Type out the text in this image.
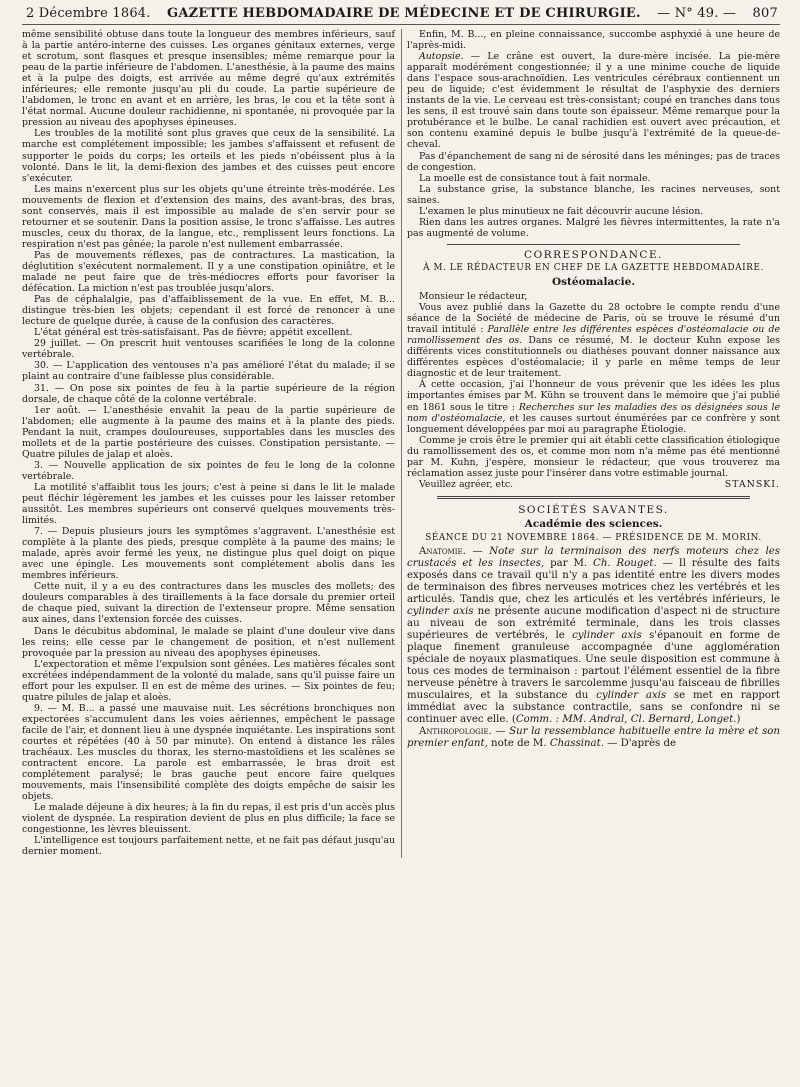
2 Décembre 1864. GAZETTE HEBDOMADAIRE DE MÉDECINE ET DE CHIRURGIE. — N° 49. — 807

même sensibilité obtuse dans toute la longueur des membres inférieurs, sauf à la partie antéro-interne des cuisses. Les organes génitaux externes, verge et scrotum, sont flasques et presque insensibles; même remarque pour la peau de la partie inférieure de l'abdomen. L'anesthésie, à la paume des mains et à la pulpe des doigts, est arrivée au même degré qu'aux extrémités inférieures; elle remonte jusqu'au pli du coude. La partie supérieure de l'abdomen, le tronc en avant et en arrière, les bras, le cou et la tête sont à l'état normal. Aucune douleur rachidienne, ni spontanée, ni provoquée par la pression au niveau des apophyses épineuses.

Les troubles de la motilité sont plus graves que ceux de la sensibilité. La marche est complétement impossible; les jambes s'affaissent et refusent de supporter le poids du corps; les orteils et les pieds n'obéissent plus à la volonté. Dans le lit, la demi-flexion des jambes et des cuisses peut encore s'exécuter.

Les mains n'exercent plus sur les objets qu'une étreinte très-modérée. Les mouvements de flexion et d'extension des mains, des avant-bras, des bras, sont conservés, mais il est impossible au malade de s'en servir pour se retourner et se soutenir. Dans la position assise, le tronc s'affaisse. Les autres muscles, ceux du thorax, de la langue, etc., remplissent leurs fonctions. La respiration n'est pas gênée; la parole n'est nullement embarrassée.

Pas de mouvements réflexes, pas de contractures. La mastication, la déglutition s'exécutent normalement. Il y a une constipation opiniâtre, et le malade ne peut faire que de très-médiocres efforts pour favoriser la défécation. La miction n'est pas troublée jusqu'alors.

Pas de céphalalgie, pas d'affaiblissement de la vue. En effet, M. B... distingue très-bien les objets; cependant il est forcé de renoncer à une lecture de quelque durée, à cause de la confusion des caractères.

L'état général est très-satisfaisant. Pas de fièvre; appétit excellent.

29 juillet. — On prescrit huit ventouses scarifiées le long de la colonne vertébrale.

30. — L'application des ventouses n'a pas amélioré l'état du malade; il se plaint au contraire d'une faiblesse plus considérable.

31. — On pose six pointes de feu à la partie supérieure de la région dorsale, de chaque côté de la colonne vertébrale.

1er août. — L'anesthésie envahit la peau de la partie supérieure de l'abdomen; elle augmente à la paume des mains et à la plante des pieds. Pendant la nuit, crampes douloureuses, supportables dans les muscles des mollets et de la partie postérieure des cuisses. Constipation persistante. — Quatre pilules de jalap et aloès.

3. — Nouvelle application de six pointes de feu le long de la colonne vertébrale.

La motilité s'affaiblit tous les jours; c'est à peine si dans le lit le malade peut fléchir légèrement les jambes et les cuisses pour les laisser retomber aussitôt. Les membres supérieurs ont conservé quelques mouvements très-limités.

7. — Depuis plusieurs jours les symptômes s'aggravent. L'anesthésie est complète à la plante des pieds, presque complète à la paume des mains; le malade, après avoir fermé les yeux, ne distingue plus quel doigt on pique avec une épingle. Les mouvements sont complétement abolis dans les membres inférieurs.

Cette nuit, il y a eu des contractures dans les muscles des mollets; des douleurs comparables à des tiraillements à la face dorsale du premier orteil de chaque pied, suivant la direction de l'extenseur propre. Même sensation aux aines, dans l'extension forcée des cuisses.

Dans le décubitus abdominal, le malade se plaint d'une douleur vive dans les reins; elle cesse par le changement de position, et n'est nullement provoquée par la pression au niveau des apophyses épineuses.

L'expectoration et même l'expulsion sont gênées. Les matières fécales sont excrétées indépendamment de la volonté du malade, sans qu'il puisse faire un effort pour les expulser. Il en est de même des urines. — Six pointes de feu; quatre pilules de jalap et aloès.

9. — M. B... a passé une mauvaise nuit. Les sécrétions bronchiques non expectorées s'accumulent dans les voies aériennes, empêchent le passage facile de l'air, et donnent lieu à une dyspnée inquiétante. Les inspirations sont courtes et répétées (40 à 50 par minute). On entend à distance les râles trachéaux. Les muscles du thorax, les sterno-mastoïdiens et les scalènes se contractent encore. La parole est embarrassée, le bras droit est complétement paralysé; le bras gauche peut encore faire quelques mouvements, mais l'insensibilité complète des doigts empêche de saisir les objets.

Le malade déjeune à dix heures; à la fin du repas, il est pris d'un accès plus violent de dyspnée. La respiration devient de plus en plus difficile; la face se congestionne, les lèvres bleuissent.

L'intelligence est toujours parfaitement nette, et ne fait pas défaut jusqu'au dernier moment.

Enfin, M. B..., en pleine connaissance, succombe asphyxié à une heure de l'après-midi.

Autopsie. — Le crâne est ouvert, la dure-mère incisée. La pie-mère apparaît modérément congestionnée; il y a une minime couche de liquide dans l'espace sous-arachnoïdien. Les ventricules cérébraux contiennent un peu de liquide; c'est évidemment le résultat de l'asphyxie des derniers instants de la vie. Le cerveau est très-consistant; coupé en tranches dans tous les sens, il est trouvé sain dans toute son épaisseur. Même remarque pour la protubérance et le bulbe. Le canal rachidien est ouvert avec précaution, et son contenu examiné depuis le bulbe jusqu'à l'extrémité de la queue-de-cheval.

Pas d'épanchement de sang ni de sérosité dans les méninges; pas de traces de congestion.

La moelle est de consistance tout à fait normale.

La substance grise, la substance blanche, les racines nerveuses, sont saines.

L'examen le plus minutieux ne fait découvrir aucune lésion.

Rien dans les autres organes. Malgré les fièvres intermittentes, la rate n'a pas augmenté de volume.

CORRESPONDANCE.
À M. LE RÉDACTEUR EN CHEF DE LA GAZETTE HEBDOMADAIRE.
Ostéomalacie.

Monsieur le rédacteur,

Vous avez publié dans la Gazette du 28 octobre le compte rendu d'une séance de la Société de médecine de Paris, où se trouve le résumé d'un travail intitulé : Parallèle entre les différentes espèces d'ostéomalacie ou de ramollissement des os. Dans ce résumé, M. le docteur Kuhn expose les différents vices constitutionnels ou diathèses pouvant donner naissance aux différentes espèces d'ostéomalacie; il y parle en même temps de leur diagnostic et de leur traitement.

À cette occasion, j'ai l'honneur de vous prévenir que les idées les plus importantes émises par M. Kühn se trouvent dans le mémoire que j'ai publié en 1861 sous le titre : Recherches sur les maladies des os désignées sous le nom d'ostéomalacie, et les causes surtout énumérées par ce confrère y sont longuement développées par moi au paragraphe Étiologie.

Comme je crois être le premier qui ait établi cette classification étiologique du ramollissement des os, et comme mon nom n'a même pas été mentionné par M. Kuhn, j'espère, monsieur le rédacteur, que vous trouverez ma réclamation assez juste pour l'insérer dans votre estimable journal.

Veuillez agréer, etc.	STANSKI.

SOCIÉTÉS SAVANTES.
Académie des sciences.
SÉANCE DU 21 NOVEMBRE 1864. — PRÉSIDENCE DE M. MORIN.

Anatomie. — Note sur la terminaison des nerfs moteurs chez les crustacés et les insectes, par M. Ch. Rouget. — Il résulte des faits exposés dans ce travail qu'il n'y a pas identité entre les divers modes de terminaison des fibres nerveuses motrices chez les vertébrés et les articulés. Tandis que, chez les articulés et les vertébrés inférieurs, le cylinder axis ne présente aucune modification d'aspect ni de structure au niveau de son extrémité terminale, dans les trois classes supérieures de vertébrés, le cylinder axis s'épanouit en forme de plaque finement granuleuse accompagnée d'une agglomération spéciale de noyaux plasmatiques. Une seule disposition est commune à tous ces modes de terminaison : partout l'élément essentiel de la fibre nerveuse pénètre à travers le sarcolemme jusqu'au faisceau de fibrilles musculaires, et la substance du cylinder axis se met en rapport immédiat avec la substance contractile, sans se confondre ni se continuer avec elle. (Comm. : MM. Andral, Cl. Bernard, Longet.)

Anthropologie. — Sur la ressemblance habituelle entre la mère et son premier enfant, note de M. Chassinat. — D'après de
